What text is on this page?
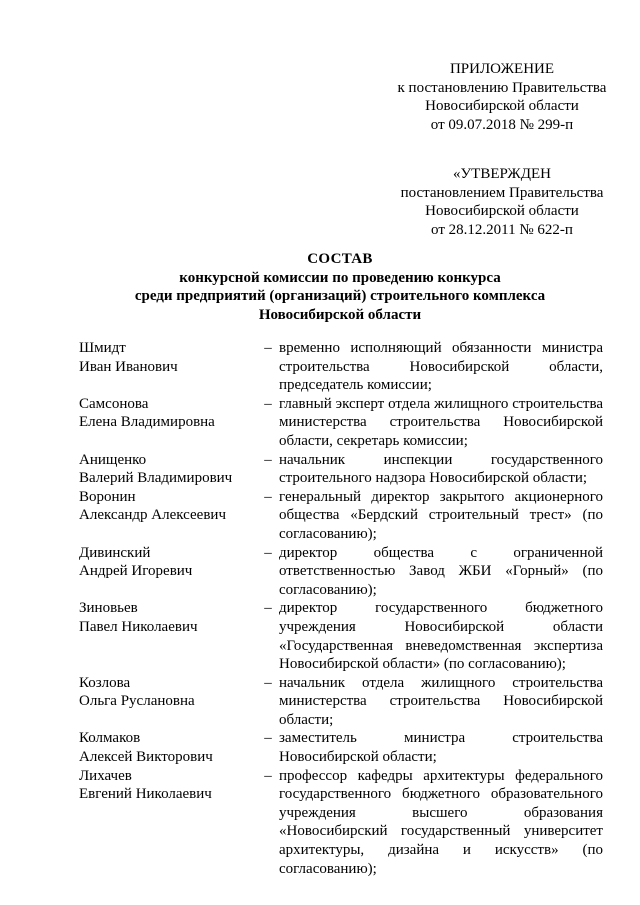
ПРИЛОЖЕНИЕ
к постановлению Правительства
Новосибирской области
от 09.07.2018 № 299-п
«УТВЕРЖДЕН
постановлением Правительства
Новосибирской области
от 28.12.2011 № 622-п
СОСТАВ
конкурсной комиссии по проведению конкурса
среди предприятий (организаций) строительного комплекса
Новосибирской области
Шмидт
Иван Иванович
– временно исполняющий обязанности министра строительства Новосибирской области, председатель комиссии;
Самсонова
Елена Владимировна
– главный эксперт отдела жилищного строительства министерства строительства Новосибирской области, секретарь комиссии;
Анищенко
Валерий Владимирович
– начальник инспекции государственного строительного надзора Новосибирской области;
Воронин
Александр Алексеевич
– генеральный директор закрытого акционерного общества «Бердский строительный трест» (по согласованию);
Дивинский
Андрей Игоревич
– директор общества с ограниченной ответственностью Завод ЖБИ «Горный» (по согласованию);
Зиновьев
Павел Николаевич
– директор государственного бюджетного учреждения Новосибирской области «Государственная вневедомственная экспертиза Новосибирской области» (по согласованию);
Козлова
Ольга Руслановна
– начальник отдела жилищного строительства министерства строительства Новосибирской области;
Колмаков
Алексей Викторович
– заместитель министра строительства Новосибирской области;
Лихачев
Евгений Николаевич
– профессор кафедры архитектуры федерального государственного бюджетного образовательного учреждения высшего образования «Новосибирский государственный университет архитектуры, дизайна и искусств» (по согласованию);
